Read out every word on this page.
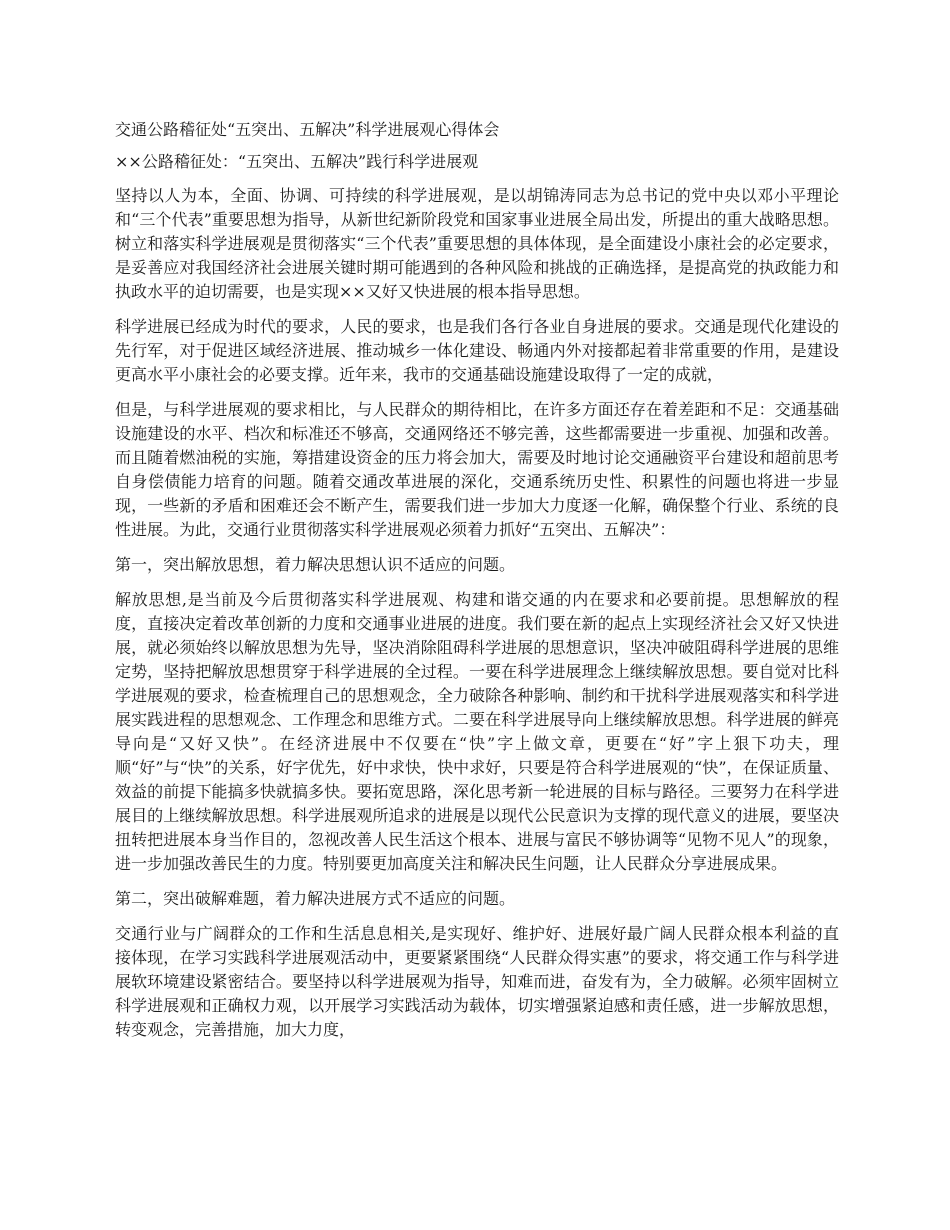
交通公路稽征处“五突出、五解决”科学进展观心得体会

××公路稽征处：“五突出、五解决”践行科学进展观

坚持以人为本，全面、协调、可持续的科学进展观，是以胡锦涛同志为总书记的党中央以邓小平理论和“三个代表”重要思想为指导，从新世纪新阶段党和国家事业进展全局出发，所提出的重大战略思想。树立和落实科学进展观是贯彻落实“三个代表”重要思想的具体体现，是全面建设小康社会的必定要求，是妥善应对我国经济社会进展关键时期可能遇到的各种风险和挑战的正确选择，是提高党的执政能力和执政水平的迫切需要，也是实现××又好又快进展的根本指导思想。

科学进展已经成为时代的要求，人民的要求，也是我们各行各业自身进展的要求。交通是现代化建设的先行军，对于促进区域经济进展、推动城乡一体化建设、畅通内外对接都起着非常重要的作用，是建设更高水平小康社会的必要支撑。近年来，我市的交通基础设施建设取得了一定的成就，

但是，与科学进展观的要求相比，与人民群众的期待相比，在许多方面还存在着差距和不足：交通基础设施建设的水平、档次和标准还不够高，交通网络还不够完善，这些都需要进一步重视、加强和改善。而且随着燃油税的实施，筹措建设资金的压力将会加大，需要及时地讨论交通融资平台建设和超前思考自身偿债能力培育的问题。随着交通改革进展的深化，交通系统历史性、积累性的问题也将进一步显现，一些新的矛盾和困难还会不断产生，需要我们进一步加大力度逐一化解，确保整个行业、系统的良性进展。为此，交通行业贯彻落实科学进展观必须着力抓好“五突出、五解决”：

第一，突出解放思想，着力解决思想认识不适应的问题。

解放思想,是当前及今后贯彻落实科学进展观、构建和谐交通的内在要求和必要前提。思想解放的程度，直接决定着改革创新的力度和交通事业进展的进度。我们要在新的起点上实现经济社会又好又快进展，就必须始终以解放思想为先导，坚决消除阻碍科学进展的思想意识，坚决冲破阻碍科学进展的思维定势，坚持把解放思想贯穿于科学进展的全过程。一要在科学进展理念上继续解放思想。要自觉对比科学进展观的要求，检查梳理自己的思想观念，全力破除各种影响、制约和干扰科学进展观落实和科学进展实践进程的思想观念、工作理念和思维方式。二要在科学进展导向上继续解放思想。科学进展的鲜亮导向是“又好又快”。在经济进展中不仅要在“快”字上做文章，更要在“好”字上狠下功夫，理顺“好”与“快”的关系，好字优先，好中求快，快中求好，只要是符合科学进展观的“快”，在保证质量、效益的前提下能搞多快就搞多快。要拓宽思路，深化思考新一轮进展的目标与路径。三要努力在科学进展目的上继续解放思想。科学进展观所追求的进展是以现代公民意识为支撑的现代意义的进展，要坚决扭转把进展本身当作目的，忽视改善人民生活这个根本、进展与富民不够协调等“见物不见人”的现象，进一步加强改善民生的力度。特别要更加高度关注和解决民生问题，让人民群众分享进展成果。

第二，突出破解难题，着力解决进展方式不适应的问题。

交通行业与广阔群众的工作和生活息息相关,是实现好、维护好、进展好最广阔人民群众根本利益的直接体现，在学习实践科学进展观活动中，更要紧紧围绕“人民群众得实惠”的要求，将交通工作与科学进展软环境建设紧密结合。要坚持以科学进展观为指导，知难而进，奋发有为，全力破解。必须牢固树立科学进展观和正确权力观，以开展学习实践活动为载体，切实增强紧迫感和责任感，进一步解放思想，转变观念，完善措施，加大力度，
